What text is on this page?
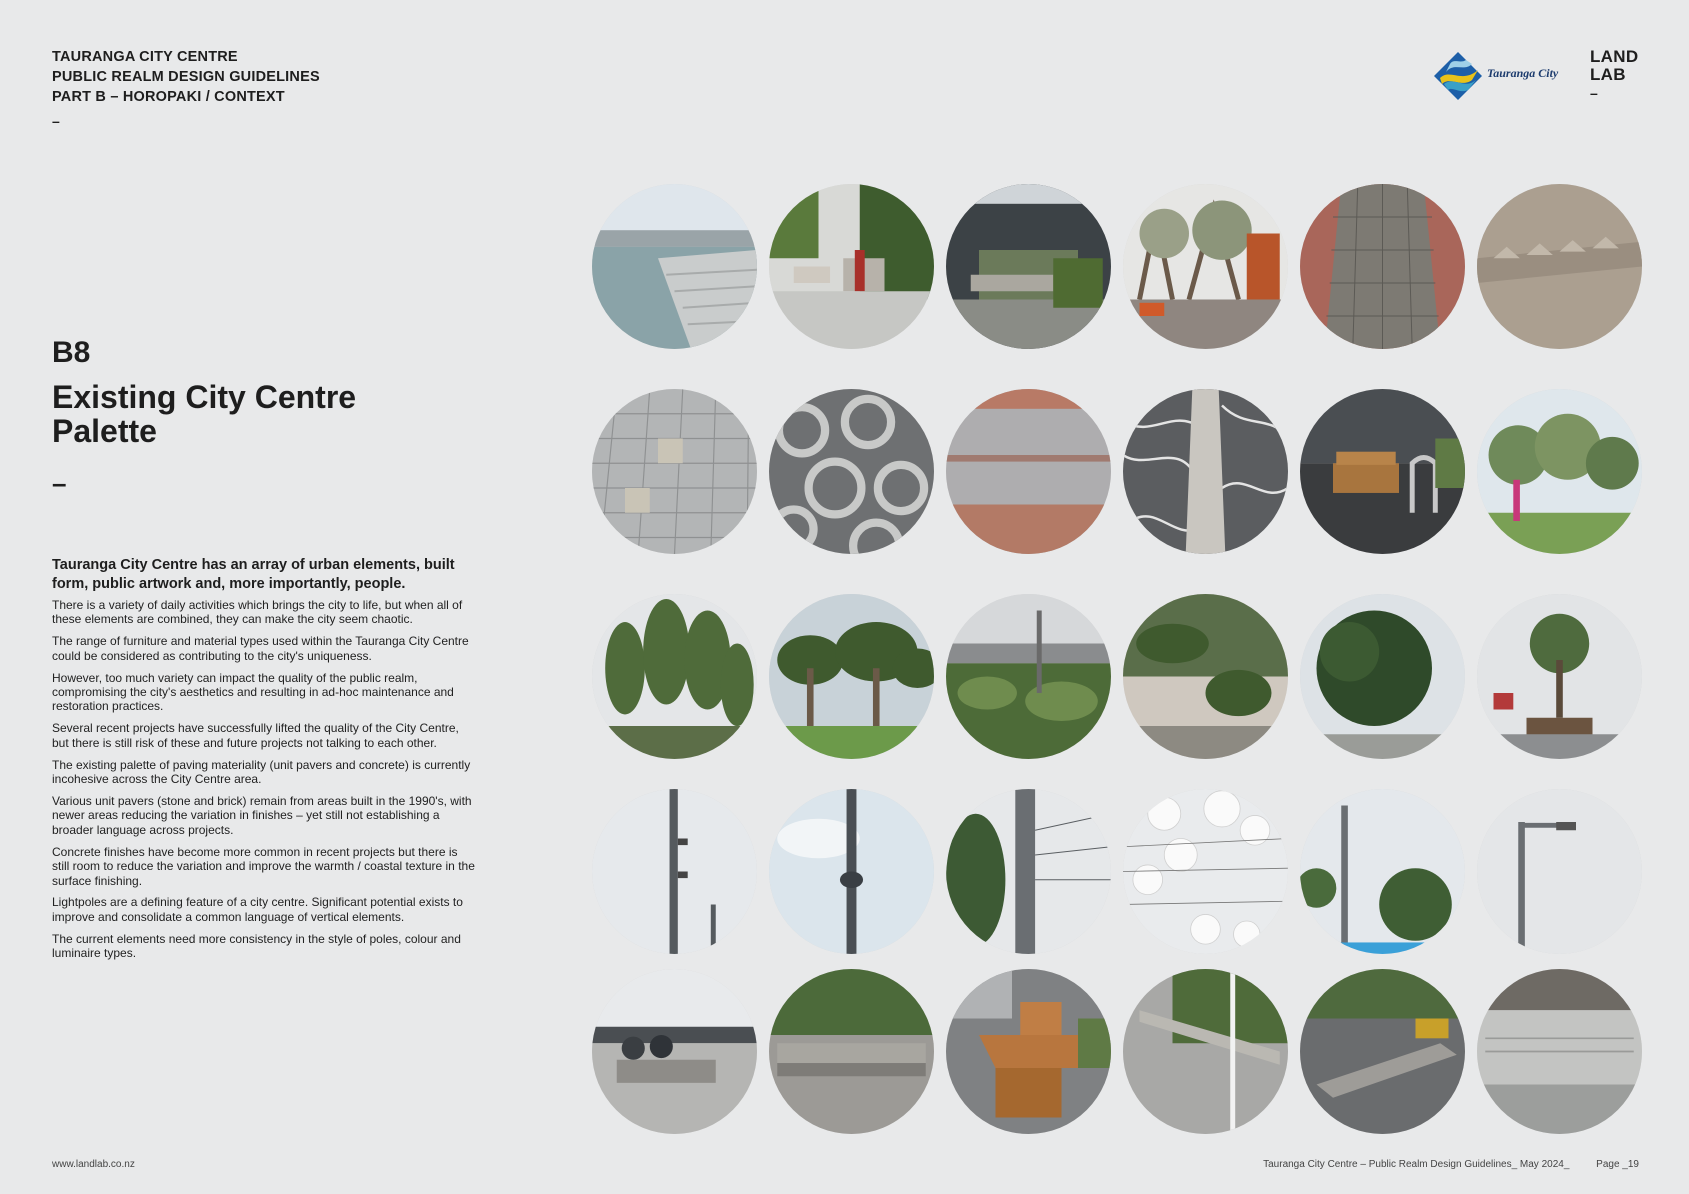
TAURANGA CITY CENTRE
PUBLIC REALM DESIGN GUIDELINES
PART B – HOROPAKI / CONTEXT
–
Tauranga City
LAND
LAB
–
B8
Existing City Centre Palette
–
Tauranga City Centre has an array of urban elements, built form, public artwork and, more importantly, people.

There is a variety of daily activities which brings the city to life, but when all of these elements are combined, they can make the city seem chaotic.

The range of furniture and material types used within the Tauranga City Centre could be considered as contributing to the city's uniqueness.

However, too much variety can impact the quality of the public realm, compromising the city's aesthetics and resulting in ad-hoc maintenance and restoration practices.

Several recent projects have successfully lifted the quality of the City Centre, but there is still risk of these and future projects not talking to each other.

The existing palette of paving materiality (unit pavers and concrete) is currently incohesive across the City Centre area.

Various unit pavers (stone and brick) remain from areas built in the 1990's, with newer areas reducing the variation in finishes – yet still not establishing a broader language across projects.

Concrete finishes have become more common in recent projects but there is still room to reduce the variation and improve the warmth / coastal texture in the surface finishing.

Lightpoles are a defining feature of a city centre. Significant potential exists to improve and consolidate a common language of vertical elements.

The current elements need more consistency in the style of poles, colour and luminaire types.

www.landlab.co.nz	Tauranga City Centre – Public Realm Design Guidelines_ May 2024_	Page _19
